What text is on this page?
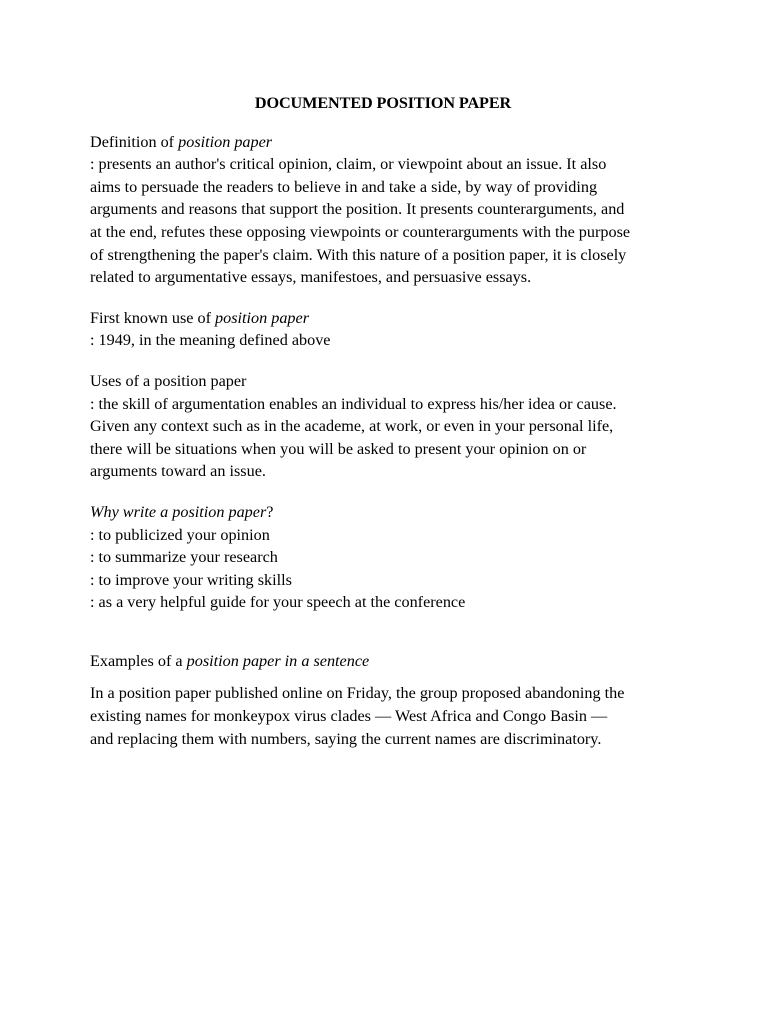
DOCUMENTED POSITION PAPER
Definition of position paper
: presents an author's critical opinion, claim, or viewpoint about an issue. It also
aims to persuade the readers to believe in and take a side, by way of providing
arguments and reasons that support the position. It presents counterarguments, and
at the end, refutes these opposing viewpoints or counterarguments with the purpose
of strengthening the paper's claim. With this nature of a position paper, it is closely
related to argumentative essays, manifestoes, and persuasive essays.
First known use of position paper
: 1949, in the meaning defined above
Uses of a position paper
: the skill of argumentation enables an individual to express his/her idea or cause.
Given any context such as in the academe, at work, or even in your personal life,
there will be situations when you will be asked to present your opinion on or
arguments toward an issue.
Why write a position paper?
: to publicized your opinion
: to summarize your research
: to improve your writing skills
: as a very helpful guide for your speech at the conference
Examples of a position paper in a sentence
In a position paper published online on Friday, the group proposed abandoning the
existing names for monkeypox virus clades — West Africa and Congo Basin —
and replacing them with numbers, saying the current names are discriminatory.
